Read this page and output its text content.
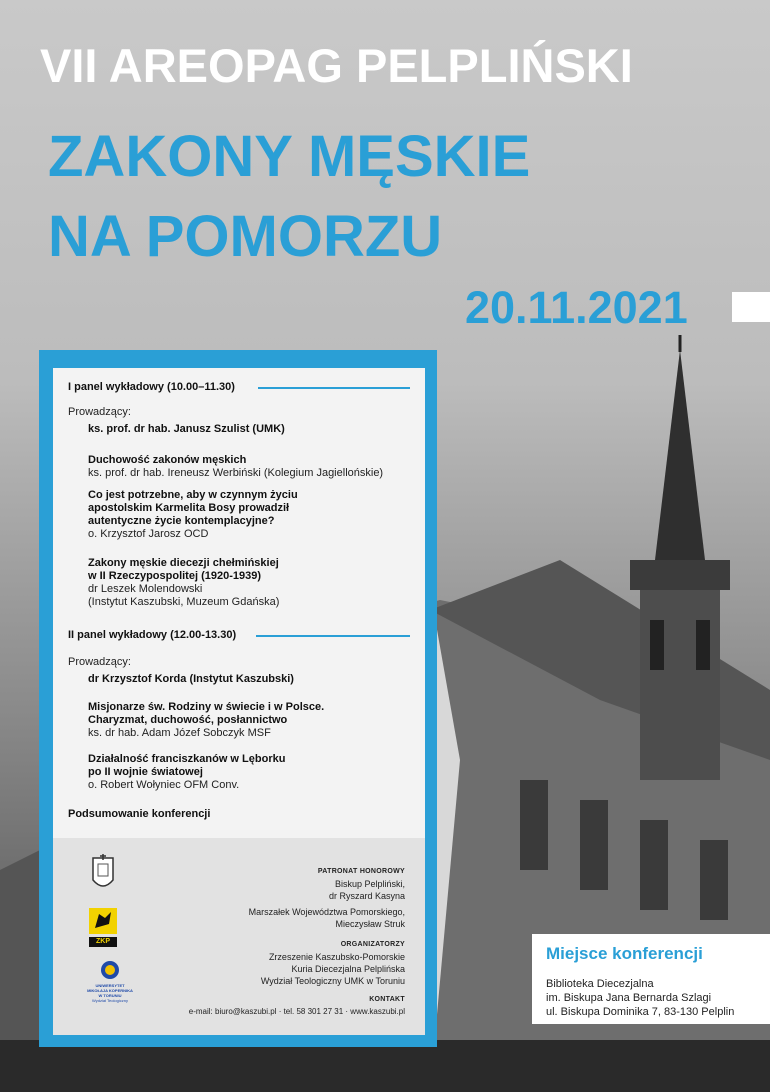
VII AREOPAG PELPLIŃSKI
ZAKONY MĘSKIE
NA POMORZU
20.11.2021
I panel wykładowy (10.00–11.30)
Prowadzący:
ks. prof. dr hab. Janusz Szulist (UMK)
Duchowość zakonów męskich
ks. prof. dr hab. Ireneusz Werbiński (Kolegium Jagiellońskie)
Co jest potrzebne, aby w czynnym życiu
apostolskim Karmelita Bosy prowadził
autentyczne życie kontemplacyjne?
o. Krzysztof Jarosz OCD
Zakony męskie diecezji chełmińskiej
w II Rzeczypospolitej (1920-1939)
dr Leszek Molendowski
(Instytut Kaszubski, Muzeum Gdańska)
II panel wykładowy (12.00-13.30)
Prowadzący:
dr Krzysztof Korda (Instytut Kaszubski)
Misjonarze św. Rodziny w świecie i w Polsce.
Charyzmat, duchowość, posłannictwo
ks. dr hab. Adam Józef Sobczyk MSF
Działalność franciszkanów w Lęborku
po II wojnie światowej
o. Robert Wołyniec OFM Conv.
Podsumowanie konferencji
PATRONAT HONOROWY
Biskup Pelpliński,
dr Ryszard Kasyna
Marszałek Województwa Pomorskiego,
Mieczysław Struk
ORGANIZATORZY
Zrzeszenie Kaszubsko-Pomorskie
Kuria Diecezjalna Pelplińska
Wydział Teologiczny UMK w Toruniu
KONTAKT
e-mail: biuro@kaszubi.pl · tel. 58 301 27 31 · www.kaszubi.pl
ZKP
UNIWERSYTET
MIKOŁAJA KOPERNIKA
W TORUNIU
Wydział Teologiczny
Miejsce konferencji
Biblioteka Diecezjalna
im. Biskupa Jana Bernarda Szlagi
ul. Biskupa Dominika 7, 83-130 Pelplin
